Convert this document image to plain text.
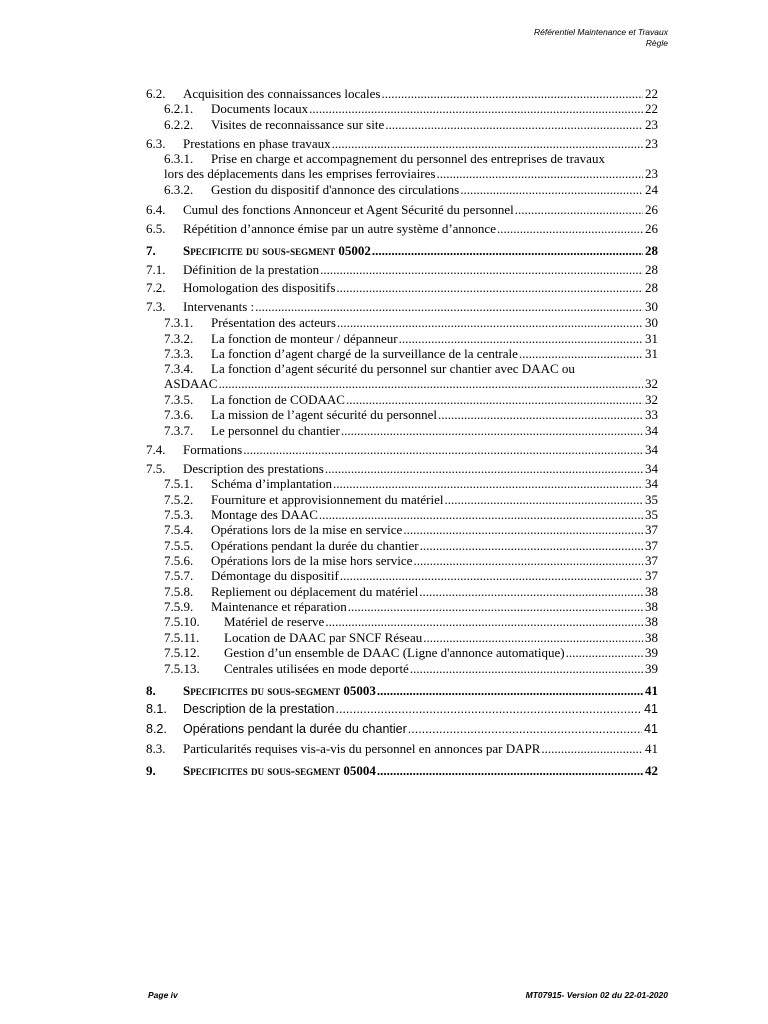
Référentiel Maintenance et Travaux
Règle
6.2.	Acquisition des connaissances locales .....	22
6.2.1.	Documents locaux .....	22
6.2.2.	Visites de reconnaissance sur site .....	23
6.3.	Prestations en phase travaux .....	23
6.3.1.	Prise en charge et accompagnement du personnel des entreprises de travaux
lors des déplacements dans les emprises ferroviaires .....	23
6.3.2.	Gestion du dispositif d'annonce des circulations .....	24
6.4.	Cumul des fonctions Annonceur et Agent Sécurité du personnel .....	26
6.5.	Répétition d’annonce émise par un autre système d’annonce .....	26
7.	Specificite du sous-segment 05002 .....	28
7.1.	Définition de la prestation .....	28
7.2.	Homologation des dispositifs .....	28
7.3.	Intervenants : .....	30
7.3.1.	Présentation des acteurs .....	30
7.3.2.	La fonction de monteur / dépanneur .....	31
7.3.3.	La fonction d’agent chargé de la surveillance de la centrale .....	31
7.3.4.	La fonction d’agent sécurité du personnel sur chantier avec DAAC ou
ASDAAC .....	32
7.3.5.	La fonction de CODAAC .....	32
7.3.6.	La mission de l’agent sécurité du personnel .....	33
7.3.7.	Le personnel du chantier .....	34
7.4.	Formations .....	34
7.5.	Description des prestations .....	34
7.5.1.	Schéma d’implantation .....	34
7.5.2.	Fourniture et approvisionnement du matériel .....	35
7.5.3.	Montage des DAAC .....	35
7.5.4.	Opérations lors de la mise en service .....	37
7.5.5.	Opérations pendant la durée du chantier .....	37
7.5.6.	Opérations lors de la mise hors service .....	37
7.5.7.	Démontage du dispositif .....	37
7.5.8.	Repliement ou déplacement du matériel .....	38
7.5.9.	Maintenance et réparation .....	38
7.5.10.	Matériel de reserve .....	38
7.5.11.	Location de DAAC par SNCF Réseau .....	38
7.5.12.	Gestion d’un ensemble de DAAC (Ligne d'annonce automatique) .....	39
7.5.13.	Centrales utilisées en mode deporté .....	39
8.	Specificites du sous-segment 05003 .....	41
8.1.	Description de la prestation .....	41
8.2.	Opérations pendant la durée du chantier .....	41
8.3.	Particularités requises vis-a-vis du personnel en annonces par DAPR .....	41
9.	Specificites du sous-segment 05004 .....	42
Page iv	MT07915- Version 02 du 22-01-2020
